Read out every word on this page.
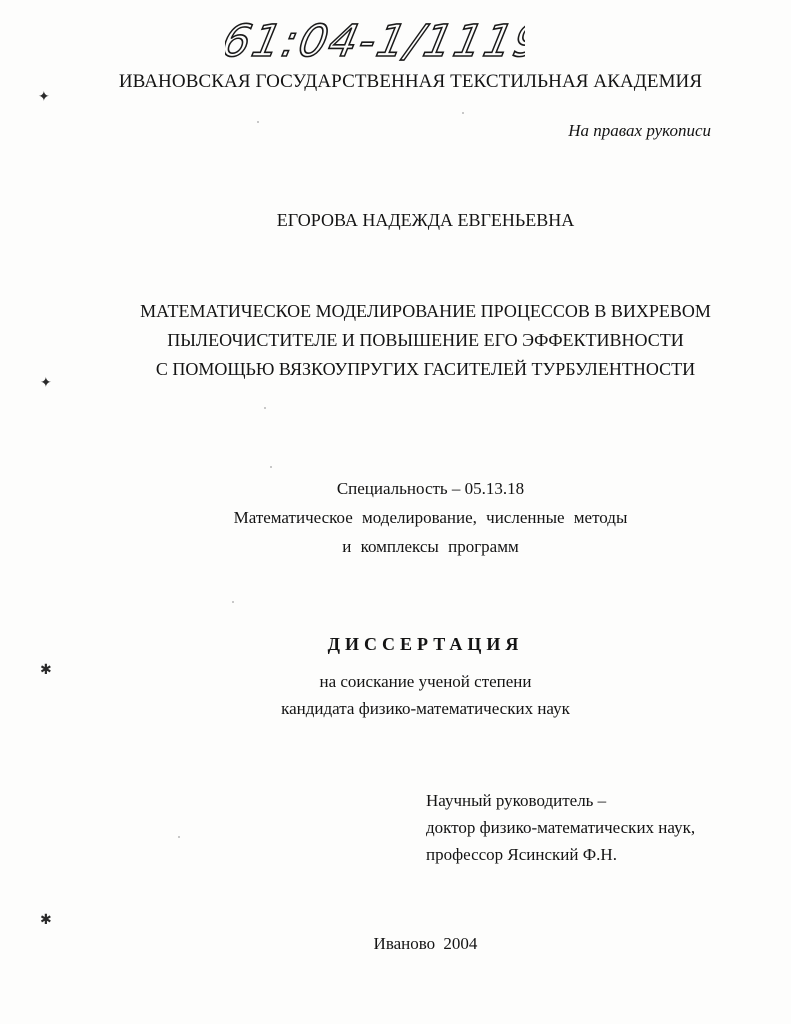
61:04-1/1119
ИВАНОВСКАЯ ГОСУДАРСТВЕННАЯ ТЕКСТИЛЬНАЯ АКАДЕМИЯ
На правах рукописи
ЕГОРОВА НАДЕЖДА ЕВГЕНЬЕВНА
МАТЕМАТИЧЕСКОЕ МОДЕЛИРОВАНИЕ ПРОЦЕССОВ В ВИХРЕВОМ
ПЫЛЕОЧИСТИТЕЛЕ И ПОВЫШЕНИЕ ЕГО ЭФФЕКТИВНОСТИ
С ПОМОЩЬЮ ВЯЗКОУПРУГИХ ГАСИТЕЛЕЙ ТУРБУЛЕНТНОСТИ
Специальность – 05.13.18
Математическое моделирование, численные методы
и комплексы программ
ДИССЕРТАЦИЯ
на соискание ученой степени
кандидата физико-математических наук
Научный руководитель –
доктор физико-математических наук,
профессор Ясинский Ф.Н.
Иваново 2004
✦
✦
✱
✱
